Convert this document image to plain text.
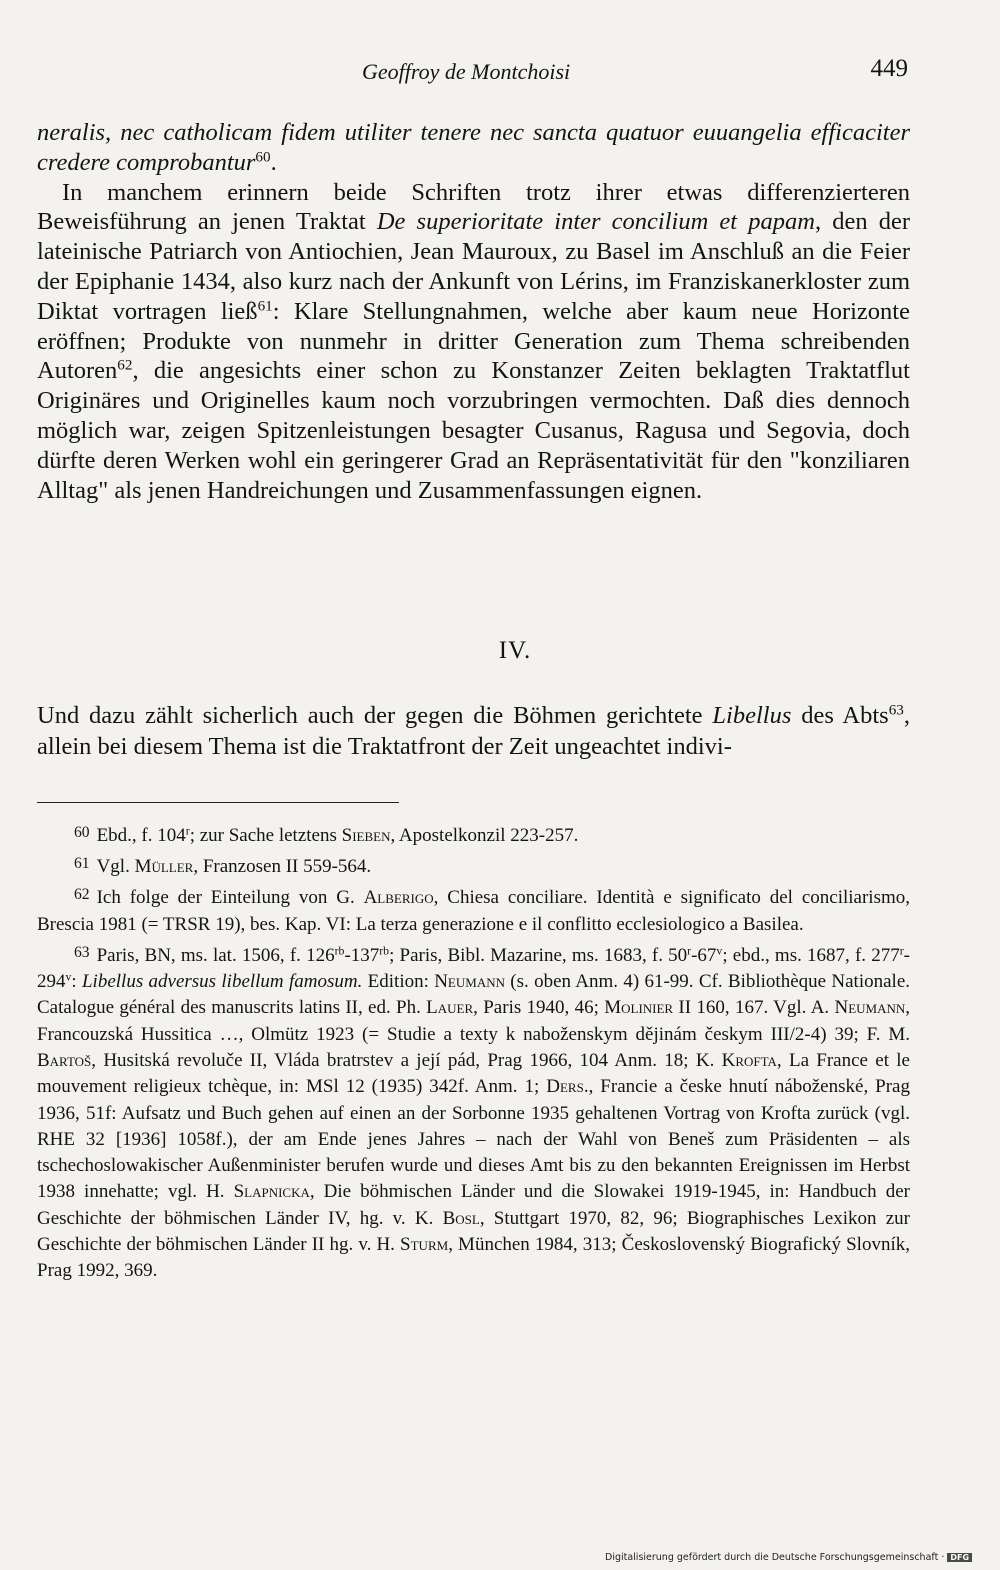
Geoffroy de Montchoisi	449

neralis, nec catholicam fidem utiliter tenere nec sancta quatuor euuangelia efficaciter credere comprobantur$^{60}$.

In manchem erinnern beide Schriften trotz ihrer etwas differenzierteren Beweisführung an jenen Traktat De superioritate inter concilium et papam, den der lateinische Patriarch von Antiochien, Jean Mauroux, zu Basel im Anschluß an die Feier der Epiphanie 1434, also kurz nach der Ankunft von Lérins, im Franziskanerkloster zum Diktat vortragen ließ$^{61}$: Klare Stellungnahmen, welche aber kaum neue Horizonte eröffnen; Produkte von nunmehr in dritter Generation zum Thema schreibenden Autoren$^{62}$, die angesichts einer schon zu Konstanzer Zeiten beklagten Traktatflut Originäres und Originelles kaum noch vorzubringen vermochten. Daß dies dennoch möglich war, zeigen Spitzenleistungen besagter Cusanus, Ragusa und Segovia, doch dürfte deren Werken wohl ein geringerer Grad an Repräsentativität für den "konziliaren Alltag" als jenen Handreichungen und Zusammenfassungen eignen.

IV.

Und dazu zählt sicherlich auch der gegen die Böhmen gerichtete Libellus des Abts$^{63}$, allein bei diesem Thema ist die Traktatfront der Zeit ungeachtet indivi-

$^{60}$ Ebd., f. 104$^r$; zur Sache letztens Sieben, Apostelkonzil 223-257.

$^{61}$ Vgl. Müller, Franzosen II 559-564.

$^{62}$ Ich folge der Einteilung von G. Alberigo, Chiesa conciliare. Identità e significato del conciliarismo, Brescia 1981 (= TRSR 19), bes. Kap. VI: La terza generazione e il conflitto ecclesiologico a Basilea.

$^{63}$ Paris, BN, ms. lat. 1506, f. $126^{rb}-137^{rb}$; Paris, Bibl. Mazarine, ms. 1683, f. 50$^r$-67$^v$; ebd., ms. 1687, f. 277$^r$-294$^v$: Libellus adversus libellum famosum. Edition: Neumann (s. oben Anm. 4) 61-99. Cf. Bibliothèque Nationale. Catalogue général des manuscrits latins II, ed. Ph. Lauer, Paris 1940, 46; Molinier II 160, 167. Vgl. A. Neumann, Francouzská Hussitica …, Olmütz 1923 (= Studie a texty k naboženskym dějinám českym III/2-4) 39; F. M. Bartoš, Husitská revoluče II, Vláda bratrstev a její pád, Prag 1966, 104 Anm. 18; K. Krofta, La France et le mouvement religieux tchèque, in: MSl 12 (1935) 342f. Anm. 1; Ders., Francie a česke hnutí náboženské, Prag 1936, 51f: Aufsatz und Buch gehen auf einen an der Sorbonne 1935 gehaltenen Vortrag von Krofta zurück (vgl. RHE 32 [1936] 1058f.), der am Ende jenes Jahres – nach der Wahl von Beneš zum Präsidenten – als tschechoslowakischer Außenminister berufen wurde und dieses Amt bis zu den bekannten Ereignissen im Herbst 1938 innehatte; vgl. H. Slapnicka, Die böhmischen Länder und die Slowakei 1919-1945, in: Handbuch der Geschichte der böhmischen Länder IV, hg. v. K. Bosl, Stuttgart 1970, 82, 96; Biographisches Lexikon zur Geschichte der böhmischen Länder II hg. v. H. Sturm, München 1984, 313; Československý Biografický Slovník, Prag 1992, 369.

Digitalisierung gefördert durch die Deutsche Forschungsgemeinschaft · DFG
